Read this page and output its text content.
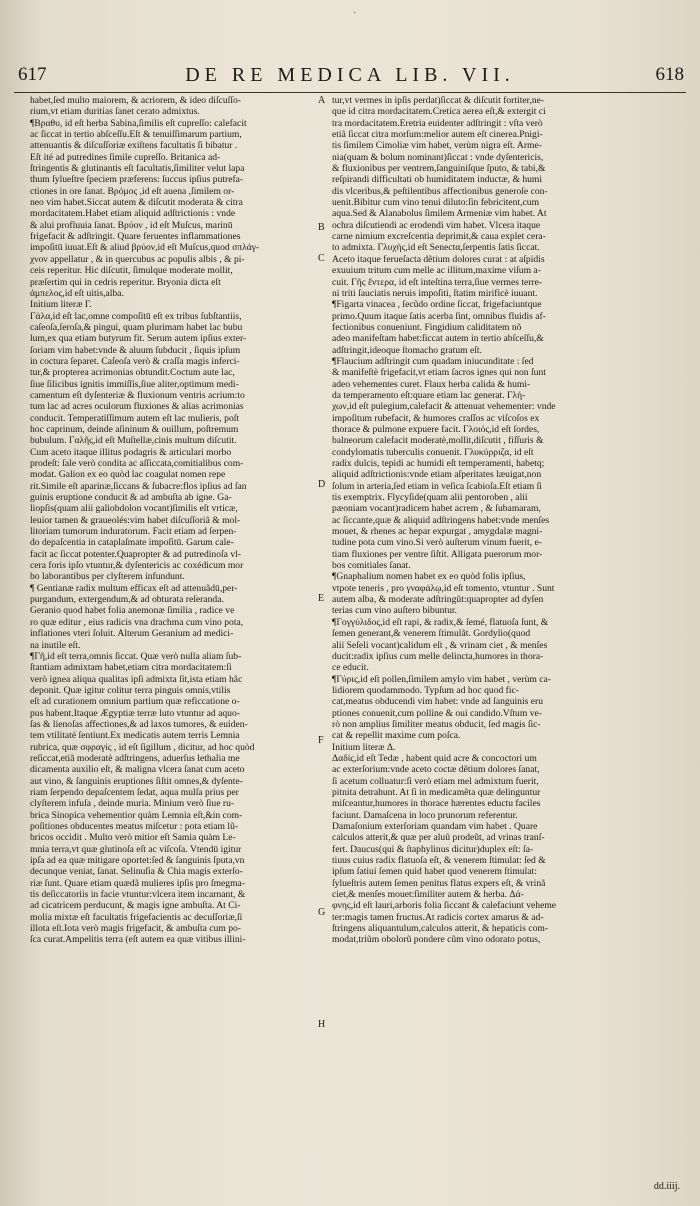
'
617	DE RE MEDICA LIB. VII.	618
habet,ſed multo maiorem, & acriorem, & ideo diſcuſſo-
rium,vt etiam duritias ſanet cerato admixtus.
¶Βραθυ, id eſt herba Sabina,ſimilis eſt cupreſſo: calefacit
ac ſiccat in tertio abſceſſu.Eſt & tenuiſſimarum partium,
attenuantis & diſcuſſoriæ exiſtens facultatis ſi bibatur .
Eſt ité ad putredines ſimile cupreſſo. Britanica ad-
ſtringentis & glutinantis eſt facultatis,ſimiliter velut lapa
thum ſylueſtre ſpeciem præferens: ſuccus ipſius putrefa-
ctiones in ore ſanat. Βρόμος ,id eſt auena ,ſimilem or-
neo vim habet.Siccat autem & diſcutit moderata & citra
mordacitatem.Habet etiam aliquid adſtrictionis : vnde
& alui profluuia ſanat. Βρύον , id eſt Muſcus, marinū
frigefacit & adſtringit. Quare feruentes inflammationes
impoſitū iuuat.Eſt & aliud βρύον,id eſt Muſcus,quod σπλάγ-
χνον appellatur , & in quercubus ac populis albis , & pi-
ceis reperitur. Hic diſcutit, ſimulque moderate mollit,
præſertim qui in cedris reperitur. Bryonia dicta eſt
ἀμπελος,id eſt uitis,alba.
Initium literæ Γ.
Γάλα,id eſt lac,omne compoſitū eſt ex tribus ſubſtantiis,
caſeoſa,ſeroſa,& pingui, quam plurimam habet lac bubu
lum,ex qua etiam butyrum fit. Serum autem ipſius exter-
ſoriam vim habet:vnde & aluum ſubducit , ſiquis ipſum
in coctura ſeparet. Caſeoſa verò & craſſa magis inferci-
tur,& propterea acrimonias obtundit.Coctum aute lac,
ſiue ſilicibus ignitis immiſſis,ſiue aliter,optimum medi-
camentum eſt dyſenteriæ & fluxionum ventris acrium:to
tum lac ad acres oculorum fluxiones & alias acrimonias
conducit. Temperatiſſimum autem eſt lac mulieris, poſt
hoc caprinum, deinde aſininum & ouillum, poſtremum
bubulum. Γαλῆς,id eſt Muſtellæ,cinis multum diſcutit.
Cum aceto itaque illitus podagris & articulari morbo
prodeſt: ſale verò condita ac aſſiccata,comitialibus com-
modat. Galion ex eo quòd lac coagulat nomen repe
rit.Simile eſt aparinæ,ſiccans & ſubacre:flos ipſius ad ſan
guinis eruptione conducit & ad ambuſta ab igne. Ga-
liopſis(quam alii galiobdolon vocant)ſimilis eſt vrticæ,
leuior tamen & graueolés:vim habet diſcuſſoriã & mol-
litoriam tumorum induratorum. Facit etiam ad ſerpen-
do depaſcentia in cataplaſmate impoſitū. Garum cale-
facit ac ſiccat potenter.Quapropter & ad putredinoſa vl-
cera foris ipſo vtuntur,& dyſentericis ac coxédicum mor
bo laborantibus per clyſterem infundunt.
¶ Gentianæ radix multum efficax eſt ad attenuãdū,per-
purgandum, extergendum,& ad obturata reſeranda.
Geranio quod habet folia anemonæ ſimilia , radice ve
ro quæ editur , eius radicis vna drachma cum vino pota,
inflationes vteri ſoluit. Alterum Geranium ad medici-
na inutile eſt.
¶Γῆ,id eſt terra,omnis ſiccat. Quæ verò nulla aliam ſub-
ſtantiam admixtam habet,etiam citra mordacitatem:ſi
verò ignea aliqua qualitas ipſi admixta ſit,ista etiam hãc
deponit. Quæ igitur colitur terra pinguis omnis,vtilis
eſt ad curationem omnium partium quæ reficcatione o-
pus habent.Itaque Ægyptiæ terræ luto vtuntur ad aquo-
ſas & lienoſas affectiones,& ad laxos tumores, & euiden-
tem vtilitaté ſentiunt.Ex medicatis autem terris Lemnia
rubrica, quæ σφραγίς , id eſt ſigillum , dicitur, ad hoc quòd
reſiccat,etiã moderatè adſtringens, aduerſus lethalia me
dicamenta auxilio eſt, & maligna vlcera ſanat cum aceto
aut vino, & ſanguinis eruptiones ſiſtit omnes,& dyſente-
riam ſerpendo depaſcentem ſedat, aqua mulſa prius per
clyſterem infuſa , deinde muria. Minium verò ſiue ru-
brica Sinopica vehementior quàm Lemnia eſt,&in com-
poſitiones obducentes meatus miſcetur : pota etiam lũ-
bricos occidit . Multo verò mitior eſt Samia quàm Le-
mnia terra,vt quæ glutinoſa eſt ac viſcoſa. Vtendū igitur
ipſa ad ea quæ mitigare oportet:ſed & ſanguinis ſputa,vn
decunque veniat, ſanat. Selinuſia & Chia magis exterſo-
riæ ſunt. Quare etiam quædã mulieres ipſis pro ſmegma-
tis deſiccatoriis in facie vtuntur:vlcera item incarnant, &
ad cicatricem perducunt, & magis igne ambuſta. At Ci-
molia mixtæ eſt facultatis frigefacientis ac decuſſoriæ,ſi
illota eſt.Iota verò magis frigefacit, & ambuſta cum po-
ſca curat.Ampelitis terra (eſt autem ea quæ vitibus illini-
A
B
C
D
E
F
G
H
tur,vt vermes in ipſis perdat)ſiccat & diſcutit fortiter,ne-
que id citra mordacitatem.Cretica aerea eſt,& extergit ci
tra mordacitatem.Eretria euidenter adſtringit : vſta verò
etiã ſiccat citra morſum:melior autem eſt cinerea.Pnigi-
tis ſimilem Cimoliæ vim habet, verùm nigra eſt. Arme-
nia(quam & bolum nominant)ſiccat : vnde dyſentericis,
& fluxionibus per ventrem,ſanguiniſque ſputo, & tabi,&
reſpirandi difficultati ob humiditatem inductæ, & humi
dis vlceribus,& peſtilentibus affectionibus generoſe con-
uenit.Bibitur cum vino tenui diluto:ſin febricitent,cum
aqua.Sed & Alanabolus ſimilem Armeniæ vim habet. At
ochra diſcutiendi ac erodendi vim habet. Vlcera itaque
carne nimium excreſcentia deprimit,& caua explet cera-
to admixta. Γλυχὴς,id eſt Senectα,ſerpentis ſatis ſiccat.
Aceto itaque ferueſacta dẽtium dolores curat : at aſpidis
exuuium tritum cum melle ac illitum,maxime viſum a-
cuit. Γῆς ἔντερα, id eſt inteſtina terra,ſiue vermes terre-
ni triti ſauciatis neruis impoſiti, ſtatim mirificè iuuant.
¶Figarta vinacea , ſecũdo ordine ſiccat, frigefaciuntque
primo.Quum itaque ſatis acerba ſint, omnibus fluidis af-
fectionibus conueniunt. Fingidium caliditatem nõ
adeo manifeſtam habet:ſiccat autem in tertio abſceſſu,&
adſtringit,ideoque ſtomacho gratum eſt.
¶Flaucium adſtringit cum quadam iniucunditate : ſed
& manifeſtè frigefacit,vt etiam ſacros ignes qui non ſunt
adeo vehementes curet. Flaux herba calida & humi-
da temperamento eſt:quare etiam lac generat. Γλή-
χων,id eſt pulegium,calefacit & attenuat vehementer: vnde
impoſitum rubefacit, & humores craſſos ac viſcoſos ex
thorace & pulmone expuere facit. Γλοιός,id eſt ſordes,
balneorum calefacit moderatè,mollit,diſcutit , fiſſuris &
condylomatis tuberculis conuenit. Γλυκύρριζα, id eſt
radix dulcis, tepidi ac humidi eſt temperamenti, habetq;
aliquid adſtrictionis:vnde etiam aſperitates læuigat,non
ſolum in arteria,ſed etiam in veſica ſcabioſa.Eſt etiam ſi
tis exemptrix. Flycyſide(quam alii pentoroben , alii
pæoniam vocant)radicem habet acrem , & ſubamaram,
ac ſiccante,quæ & aliquid adſtringens habet:vnde menſes
mouet, & rhenes ac hepar expurgat , amygdalæ magni-
tudine pota cum vino.Si verò auſterum vinum fuerit, e-
tiam fluxiones per ventre ſiſtit. Alligata puerorum mor-
bos comitiales ſanat.
¶Gnaphalium nomen habet ex eo quòd folis ipſius,
vtpote teneris , pro γναφάλῳ,id eſt tomento, vtuntur . Sunt
autem alba, & moderate adſtringũt:quapropter ad dyſen
terias cum vino auſtero bibuntur.
¶Γογγύλιδος,id eſt rapi, & radix,& ſemé, flatuoſa ſunt, &
ſemen generant,& venerem ſtimulãt. Gordylio(quod
alii Seſeli vocant)calidum eſt , & vrinam ciet , & menſes
ducit:radix ipſius cum melle delincta,humores in thora-
ce educit.
¶Γύρις,id eſt pollen,ſimilem amylo vim habet , verùm ca-
lidiorem quodammodo. Typſum ad hoc quod fic-
cat,meatus obducendi vim habet: vnde ad ſanguinis eru
ptiones conuenit,cum polline & oui candido.Vſtum ve-
rò non amplius ſimiliter meatus obducit, ſed magis ſic-
cat & repellit maxime cum poſca.
Initium literæ Δ.
Δαδίς,id eſt Tedæ , habent quid acre & concoctori um
ac exterſorium:vnde aceto coctæ dẽtium dolores ſanat,
ſi acetum colluatur:ſi verò etiam mel admixtum fuerit,
pitnita detrahunt. At ſi in medicamẽta quæ delinguntur
miſceantur,humores in thorace hærentes eductu faciles
faciunt. Damaſcena in loco prunorum referentur.
Damaſonium exterſoriam quandam vim habet . Quare
calculos atterit,& quæ per aluũ prodeũt, ad vrinas tranſ-
fert. Daucus(qui & ſtaphylinus dicitur)duplex eſt: ſa-
tiuus cuius radix flatuoſa eſt, & venerem ſtimulat: ſed &
ipſum ſatiui ſemen quid habet quod venerem ſtimulat:
ſylueſtris autem ſemen penitus flatus expers eſt, & vrinã
ciet,& menſes mouet:ſimiliter autem & herba. Δά-
φνης,id eſt lauri,arboris folia ſiccant & calefaciunt veheme
ter:magis tamen fructus.At radicis cortex amarus & ad-
ſtringens aliquantulum,calculos atterit, & hepaticis com-
modat,triũm obolorũ pondere cũm vino odorato potus,
dd.iiij.
